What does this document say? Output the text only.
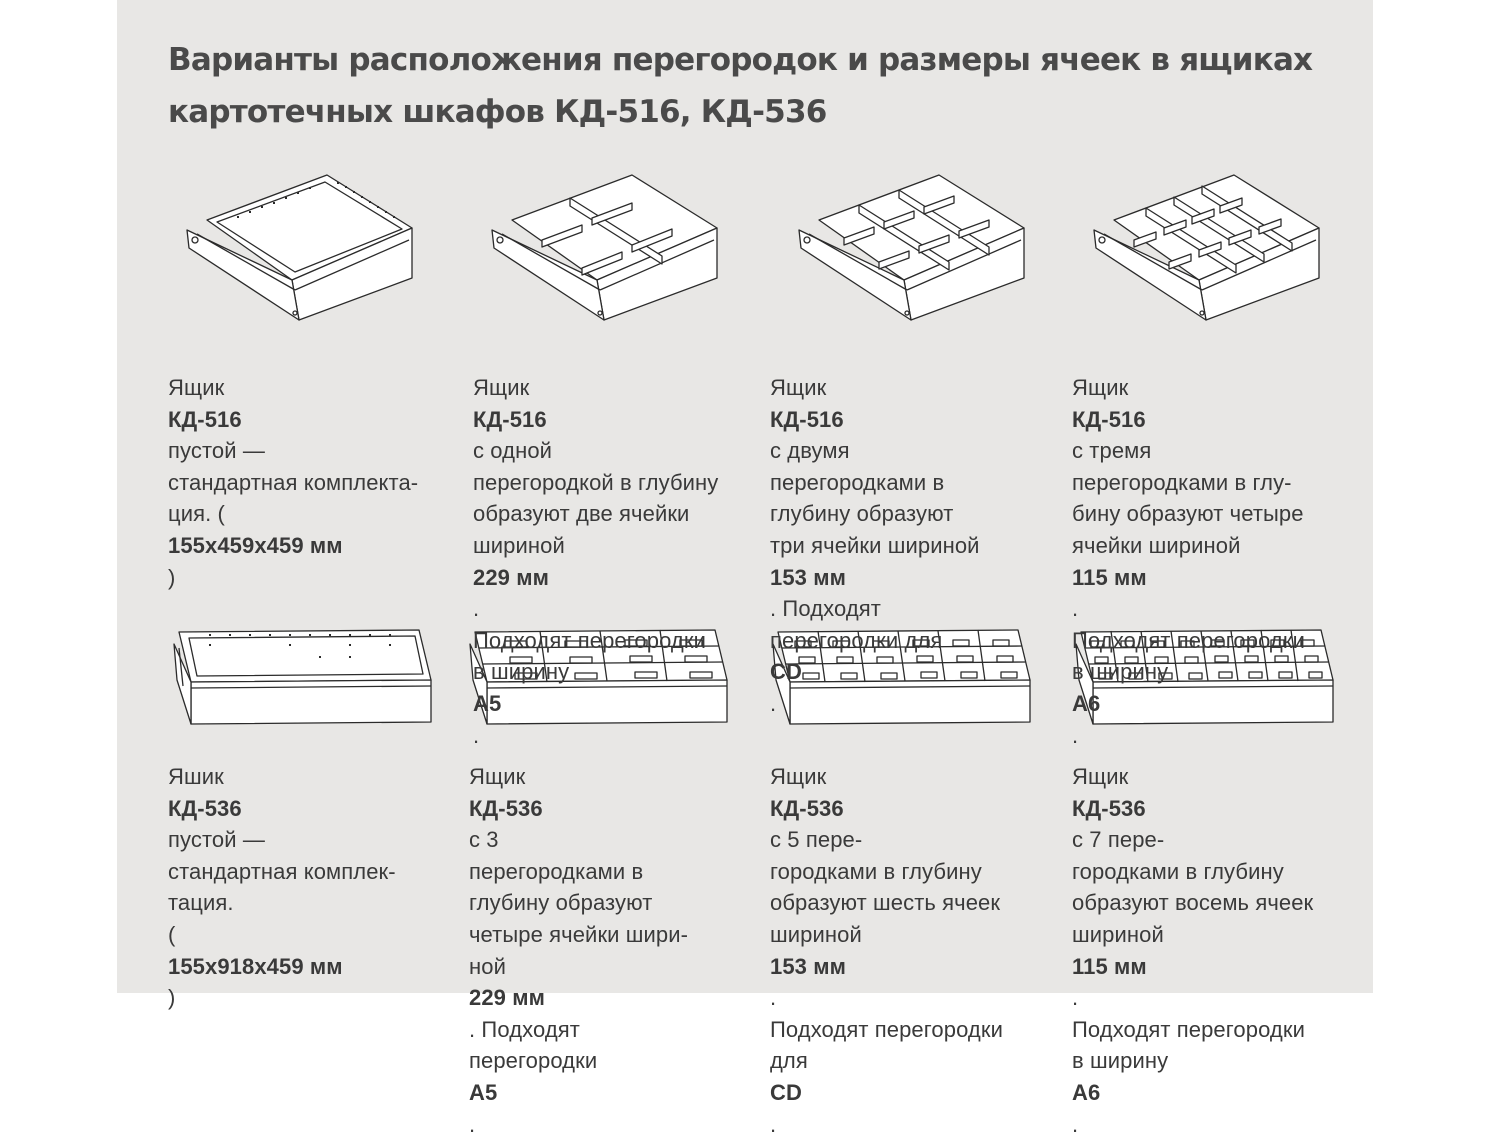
Варианты расположения перегородок и размеры ячеек в ящиках
картотечных шкафов КД-516, КД-536

Ящик
КД-516
пустой —
стандартная комплекта-
ция. (
155х459х459 мм
)

Ящик
КД-516
с одной
перегородкой в глубину
образуют две ячейки
шириной
229 мм
.
Подходят перегородки
в ширину
А5
.

Ящик
КД-516
с двумя
перегородками в
глубину образуют
три ячейки шириной
153 мм
. Подходят
перегородки для
CD
.

Ящик
КД-516
с тремя
перегородками в глу-
бину образуют четыре
ячейки шириной
115 мм
.
Подходят перегородки
в ширину
А6
.

Яшик
КД-536
пустой —
стандартная комплек-
тация.
(
155х918х459 мм
)

Ящик
КД-536
с 3
перегородками в
глубину образуют
четыре ячейки шири-
ной
229 мм
. Подходят
перегородки
А5
.

Ящик
КД-536
с 5 пере-
городками в глубину
образуют шесть ячеек
шириной
153 мм
.
Подходят перегородки
для
CD
.

Ящик
КД-536
с 7 пере-
городками в глубину
образуют восемь ячеек
шириной
115 мм
.
Подходят перегородки
в ширину
А6
.
